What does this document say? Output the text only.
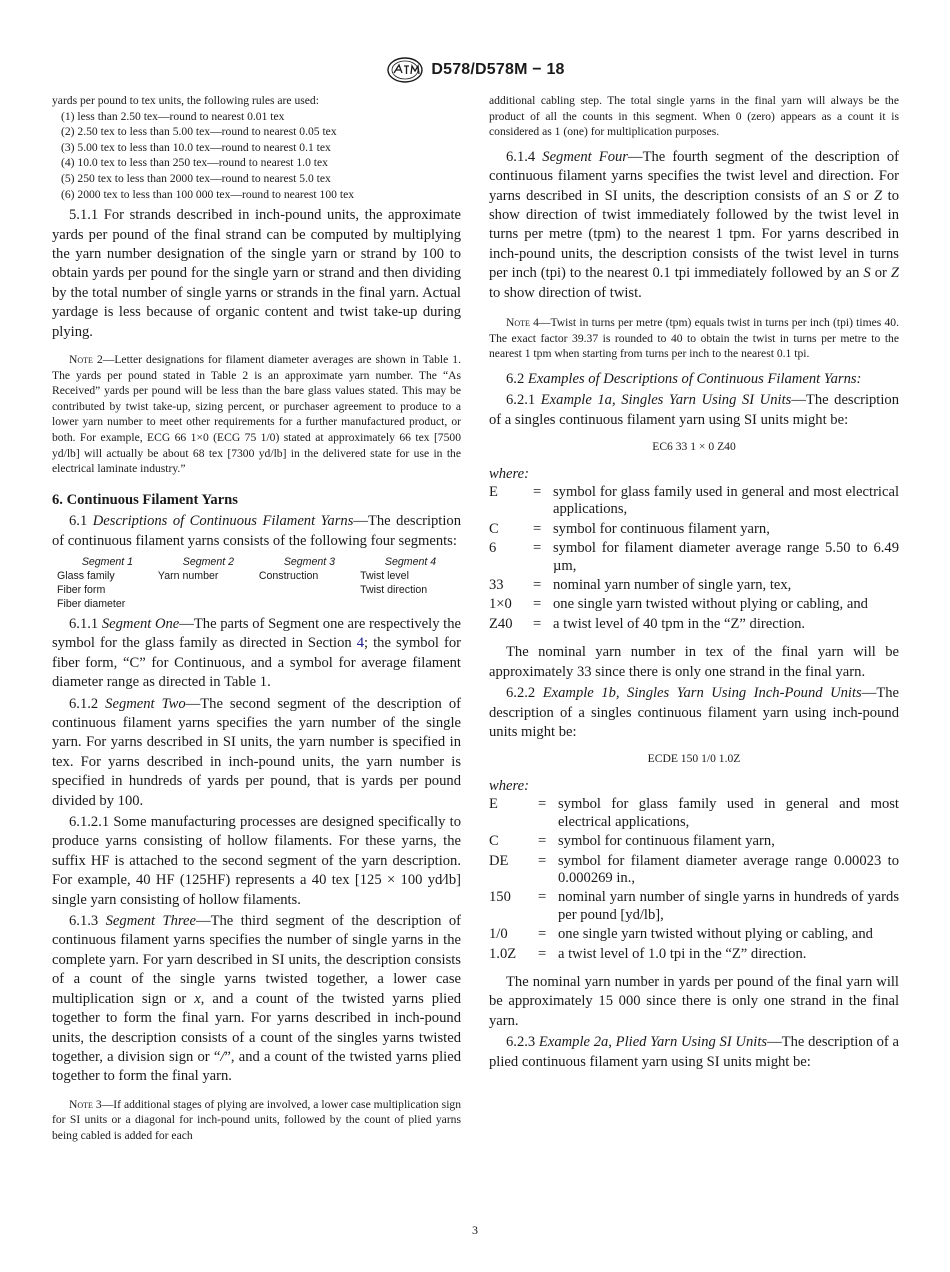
D578/D578M − 18

yards per pound to tex units, the following rules are used:

(1) less than 2.50 tex—round to nearest 0.01 tex
(2) 2.50 tex to less than 5.00 tex—round to nearest 0.05 tex
(3) 5.00 tex to less than 10.0 tex—round to nearest 0.1 tex
(4) 10.0 tex to less than 250 tex—round to nearest 1.0 tex
(5) 250 tex to less than 2000 tex—round to nearest 5.0 tex
(6) 2000 tex to less than 100 000 tex—round to nearest 100 tex

5.1.1 For strands described in inch-pound units, the approximate yards per pound of the final strand can be computed by multiplying the yarn number designation of the single yarn or strand by 100 to obtain yards per pound for the single yarn or strand and then dividing by the total number of single yarns or strands in the final yarn. Actual yardage is less because of organic content and twist take-up during plying.

Note 2—Letter designations for filament diameter averages are shown in Table 1. The yards per pound stated in Table 2 is an approximate yarn number. The “As Received” yards per pound will be less than the bare glass values stated. This may be contributed by twist take-up, sizing percent, or purchaser agreement to produce to a lower yarn number to meet other requirements for a further manufactured product, or both. For example, ECG 66 1×0 (ECG 75 1/0) stated at approximately 66 tex [7500 yd/lb] will actually be about 68 tex [7300 yd/lb] in the delivered state for use in the electrical laminate industry.”

6. Continuous Filament Yarns

6.1 Descriptions of Continuous Filament Yarns—The description of continuous filament yarns consists of the following four segments:

Segment 1	Segment 2	Segment 3	Segment 4
Glass family	Yarn number	Construction	Twist level
Fiber form			Twist direction
Fiber diameter			

6.1.1 Segment One—The parts of Segment one are respectively the symbol for the glass family as directed in Section 4; the symbol for fiber form, “C” for Continuous, and a symbol for average filament diameter range as directed in Table 1.

6.1.2 Segment Two—The second segment of the description of continuous filament yarns specifies the yarn number of the single yarn. For yarns described in SI units, the yarn number is specified in tex. For yarns described in inch-pound units, the yarn number is specified in hundreds of yards per pound, that is yards per pound divided by 100.

6.1.2.1 Some manufacturing processes are designed specifically to produce yarns consisting of hollow filaments. For these yarns, the suffix HF is attached to the second segment of the yarn description. For example, 40 HF (125HF) represents a 40 tex [125 × 100 yd⁄lb] single yarn consisting of hollow filaments.

6.1.3 Segment Three—The third segment of the description of continuous filament yarns specifies the number of single yarns in the complete yarn. For yarn described in SI units, the description consists of a count of the single yarns twisted together, a lower case multiplication sign or x, and a count of the twisted yarns plied together to form the final yarn. For yarns described in inch-pound units, the description consists of a count of the singles yarns twisted together, a division sign or “/”, and a count of the twisted yarns plied together to form the final yarn.

Note 3—If additional stages of plying are involved, a lower case multiplication sign for SI units or a diagonal for inch-pound units, followed by the count of plied yarns being cabled is added for each

additional cabling step. The total single yarns in the final yarn will always be the product of all the counts in this segment. When 0 (zero) appears as a count it is considered as 1 (one) for multiplication purposes.

6.1.4 Segment Four—The fourth segment of the description of continuous filament yarns specifies the twist level and direction. For yarns described in SI units, the description consists of an S or Z to show direction of twist immediately followed by the twist level in turns per metre (tpm) to the nearest 1 tpm. For yarns described in inch-pound units, the description consists of the twist level in turns per inch (tpi) to the nearest 0.1 tpi immediately followed by an S or Z to show direction of twist.

Note 4—Twist in turns per metre (tpm) equals twist in turns per inch (tpi) times 40. The exact factor 39.37 is rounded to 40 to obtain the twist in turns per metre to the nearest 1 tpm when starting from turns per inch to the nearest 0.1 tpi.

6.2 Examples of Descriptions of Continuous Filament Yarns:

6.2.1 Example 1a, Singles Yarn Using SI Units—The description of a singles continuous filament yarn using SI units might be:

EC6 33 1 × 0 Z40
where:
E	=	symbol for glass family used in general and most electrical applications,
C	=	symbol for continuous filament yarn,
6	=	symbol for filament diameter average range 5.50 to 6.49 µm,
33	=	nominal yarn number of single yarn, tex,
1×0	=	one single yarn twisted without plying or cabling, and
Z40	=	a twist level of 40 tpm in the “Z” direction.

The nominal yarn number in tex of the final yarn will be approximately 33 since there is only one strand in the final yarn.

6.2.2 Example 1b, Singles Yarn Using Inch-Pound Units—The description of a singles continuous filament yarn using inch-pound units might be:

ECDE 150 1/0 1.0Z
where:
E	=	symbol for glass family used in general and most electrical applications,
C	=	symbol for continuous filament yarn,
DE	=	symbol for filament diameter average range 0.00023 to 0.000269 in.,
150	=	nominal yarn number of single yarns in hundreds of yards per pound [yd/lb],
1/0	=	one single yarn twisted without plying or cabling, and
1.0Z	=	a twist level of 1.0 tpi in the “Z” direction.

The nominal yarn number in yards per pound of the final yarn will be approximately 15 000 since there is only one strand in the final yarn.

6.2.3 Example 2a, Plied Yarn Using SI Units—The description of a plied continuous filament yarn using SI units might be:

3
